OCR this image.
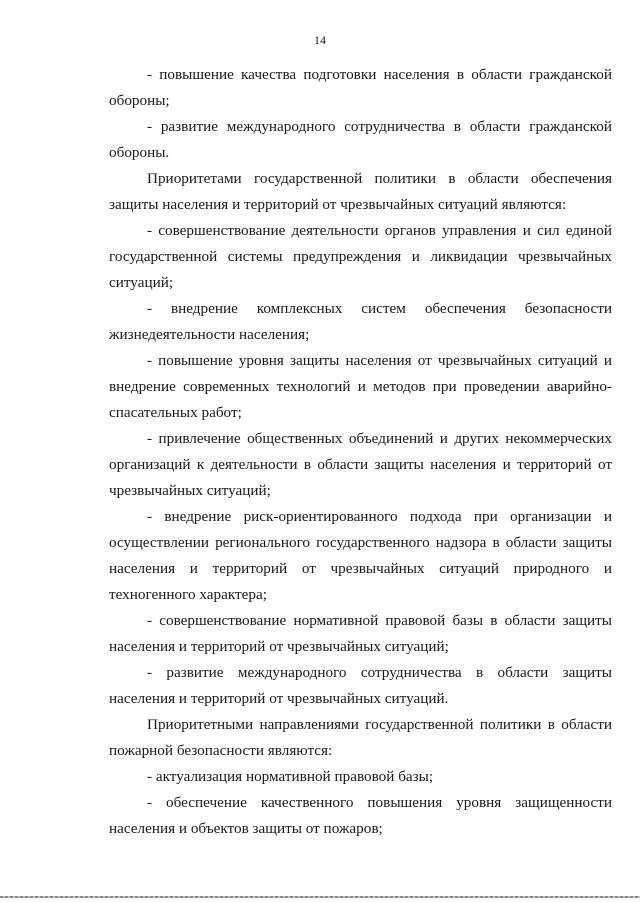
14

- повышение качества подготовки населения в области гражданской обороны;

- развитие международного сотрудничества в области гражданской обороны.

Приоритетами государственной политики в области обеспечения защиты населения и территорий от чрезвычайных ситуаций являются:

- совершенствование деятельности органов управления и сил единой государственной системы предупреждения и ликвидации чрезвычайных ситуаций;

- внедрение комплексных систем обеспечения безопасности жизнедеятельности населения;

- повышение уровня защиты населения от чрезвычайных ситуаций и внедрение современных технологий и методов при проведении аварийно-спасательных работ;

- привлечение общественных объединений и других некоммерческих организаций к деятельности в области защиты населения и территорий от чрезвычайных ситуаций;

- внедрение риск-ориентированного подхода при организации и осуществлении регионального государственного надзора в области защиты населения и территорий от чрезвычайных ситуаций природного и техногенного характера;

- совершенствование нормативной правовой базы в области защиты населения и территорий от чрезвычайных ситуаций;

- развитие международного сотрудничества в области защиты населения и территорий от чрезвычайных ситуаций.

Приоритетными направлениями государственной политики в области пожарной безопасности являются:

- актуализация нормативной правовой базы;

- обеспечение качественного повышения уровня защищенности населения и объектов защиты от пожаров;
